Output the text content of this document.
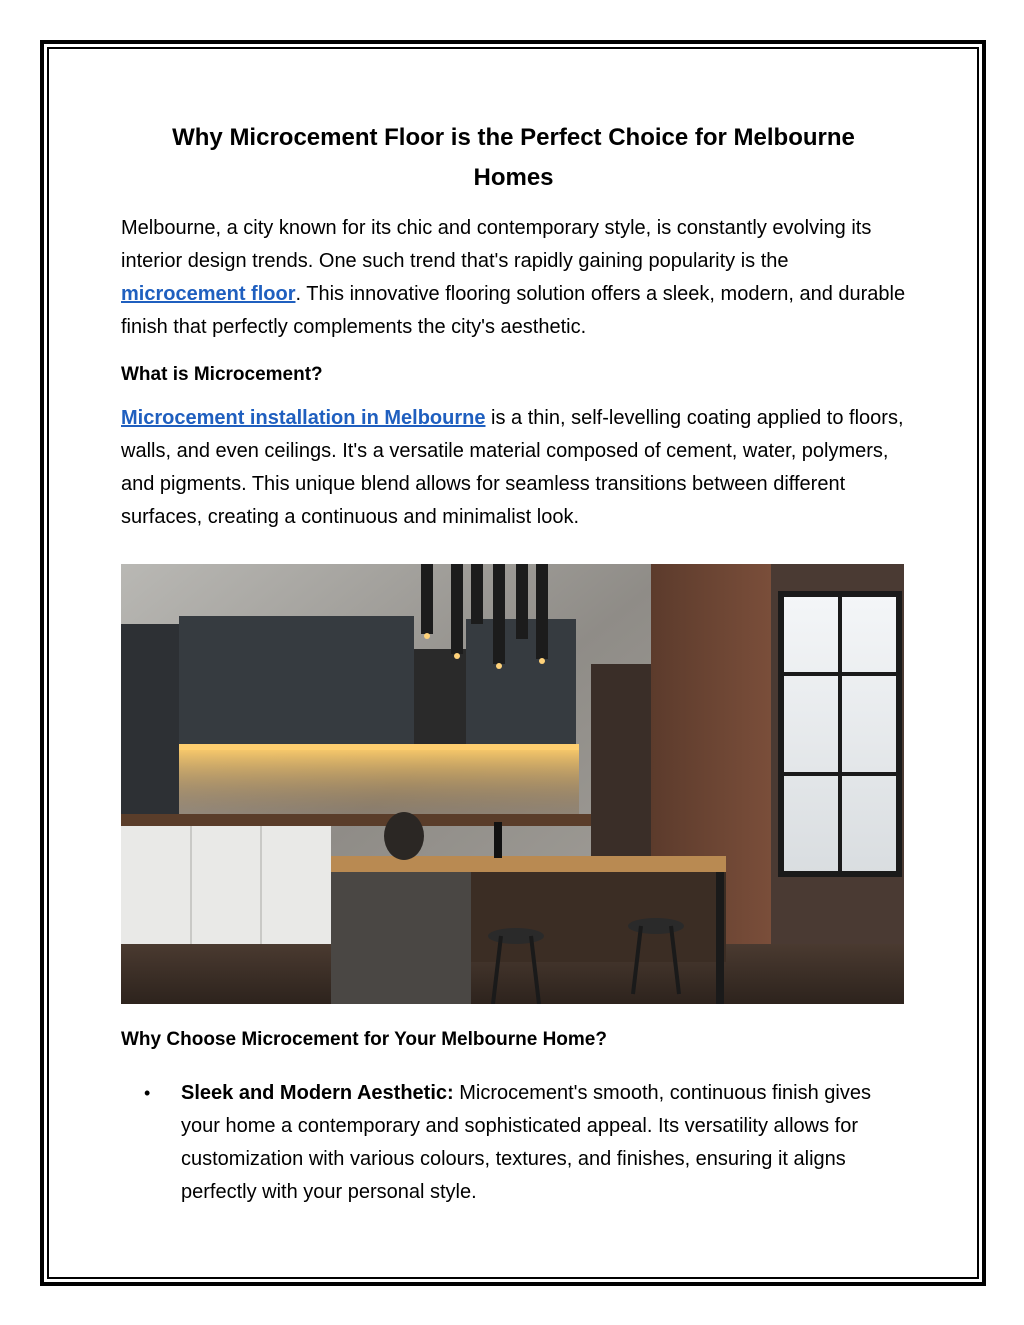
Why Microcement Floor is the Perfect Choice for Melbourne Homes

Melbourne, a city known for its chic and contemporary style, is constantly evolving its interior design trends. One such trend that's rapidly gaining popularity is the microcement floor. This innovative flooring solution offers a sleek, modern, and durable finish that perfectly complements the city's aesthetic.

What is Microcement?

Microcement installation in Melbourne is a thin, self-levelling coating applied to floors, walls, and even ceilings. It's a versatile material composed of cement, water, polymers, and pigments. This unique blend allows for seamless transitions between different surfaces, creating a continuous and minimalist look.

Why Choose Microcement for Your Melbourne Home?
• Sleek and Modern Aesthetic: Microcement's smooth, continuous finish gives your home a contemporary and sophisticated appeal. Its versatility allows for customization with various colours, textures, and finishes, ensuring it aligns perfectly with your personal style.
